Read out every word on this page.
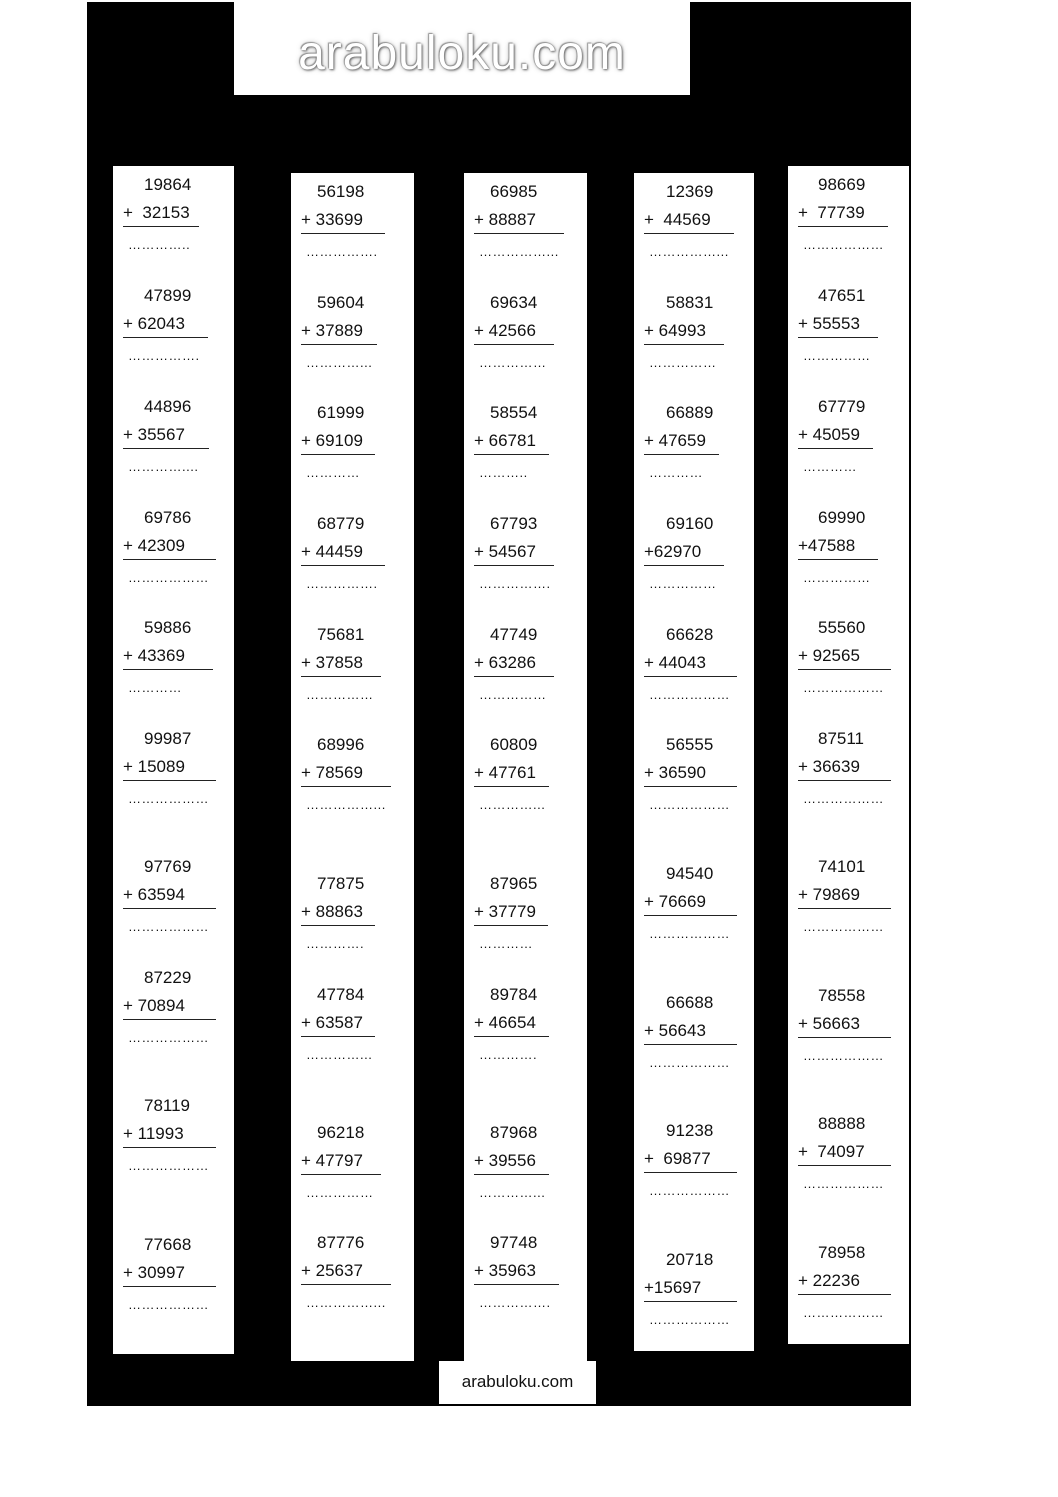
arabuloku.com
19864
+  32153
…………..
47899
+ 62043
…………….
44896
+ 35567
…………....
69786
+ 42309
………………
59886
+ 43369
…………
99987
+ 15089
………………
97769
+ 63594
………………
87229
+ 70894
………………
78119
+ 11993
………………
77668
+ 30997
………………
56198
+ 33699
…………….
59604
+ 37889
…………...
61999
+ 69109
…………
68779
+ 44459
…………….
75681
+ 37858
……………
68996
+ 78569
……………...
77875
+ 88863
………….
47784
+ 63587
…………...
96218
+ 47797
……………
87776
+ 25637
……………...
66985
+ 88887
……………...
69634
+ 42566
……………
58554
+ 66781
………..
67793
+ 54567
…………….
47749
+ 63286
……………
60809
+ 47761
…………...
87965
+ 37779
…………
89784
+ 46654
………….
87968
+ 39556
…………...
97748
+ 35963
…………….
12369
+  44569
……………...
58831
+ 64993
……………
66889
+ 47659
…………
69160
+62970
……………
66628
+ 44043
………………
56555
+ 36590
………………
94540
+ 76669
………………
66688
+ 56643
………………
91238
+  69877
………………
20718
+15697
………………
98669
+  77739
………………
47651
+ 55553
……………
67779
+ 45059
…………
69990
+47588
……………
55560
+ 92565
………………
87511
+ 36639
………………
74101
+ 79869
………………
78558
+ 56663
………………
88888
+  74097
………………
78958
+ 22236
………………
arabuloku.com
